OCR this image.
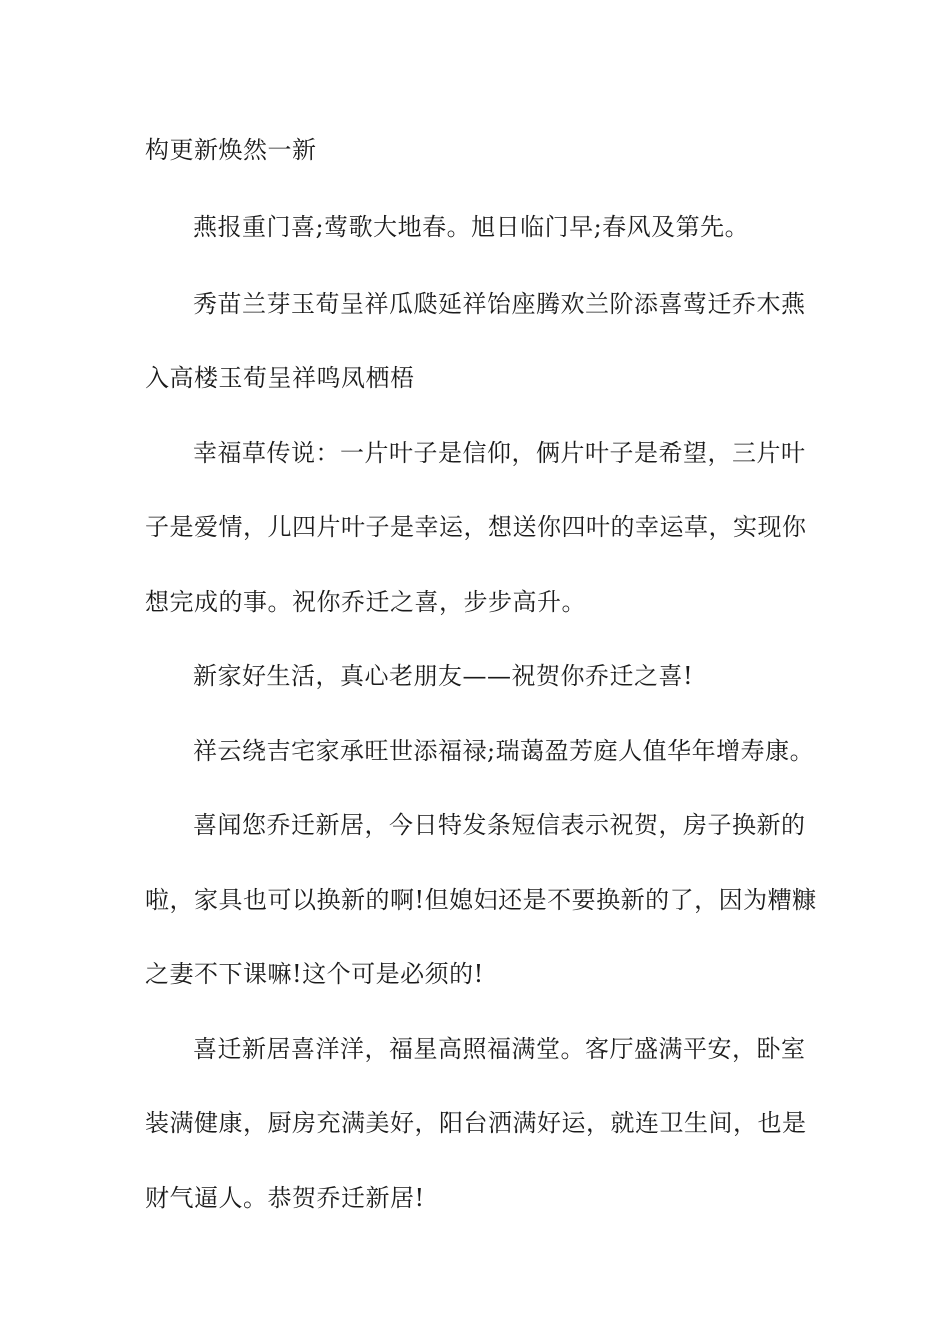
构更新焕然一新
燕报重门喜;莺歌大地春。旭日临门早;春风及第先。
秀苗兰芽玉荀呈祥瓜瓞延祥饴座腾欢兰阶添喜莺迁乔木燕
入高楼玉荀呈祥鸣凤栖梧
幸福草传说：一片叶子是信仰，俩片叶子是希望，三片叶
子是爱情，儿四片叶子是幸运，想送你四叶的幸运草，实现你
想完成的事。祝你乔迁之喜，步步高升。
新家好生活，真心老朋友——祝贺你乔迁之喜!
祥云绕吉宅家承旺世添福禄;瑞蔼盈芳庭人值华年增寿康。
喜闻您乔迁新居，今日特发条短信表示祝贺，房子换新的
啦，家具也可以换新的啊!但媳妇还是不要换新的了，因为糟糠
之妻不下课嘛!这个可是必须的!
喜迁新居喜洋洋，福星高照福满堂。客厅盛满平安，卧室
装满健康，厨房充满美好，阳台洒满好运，就连卫生间，也是
财气逼人。恭贺乔迁新居!
